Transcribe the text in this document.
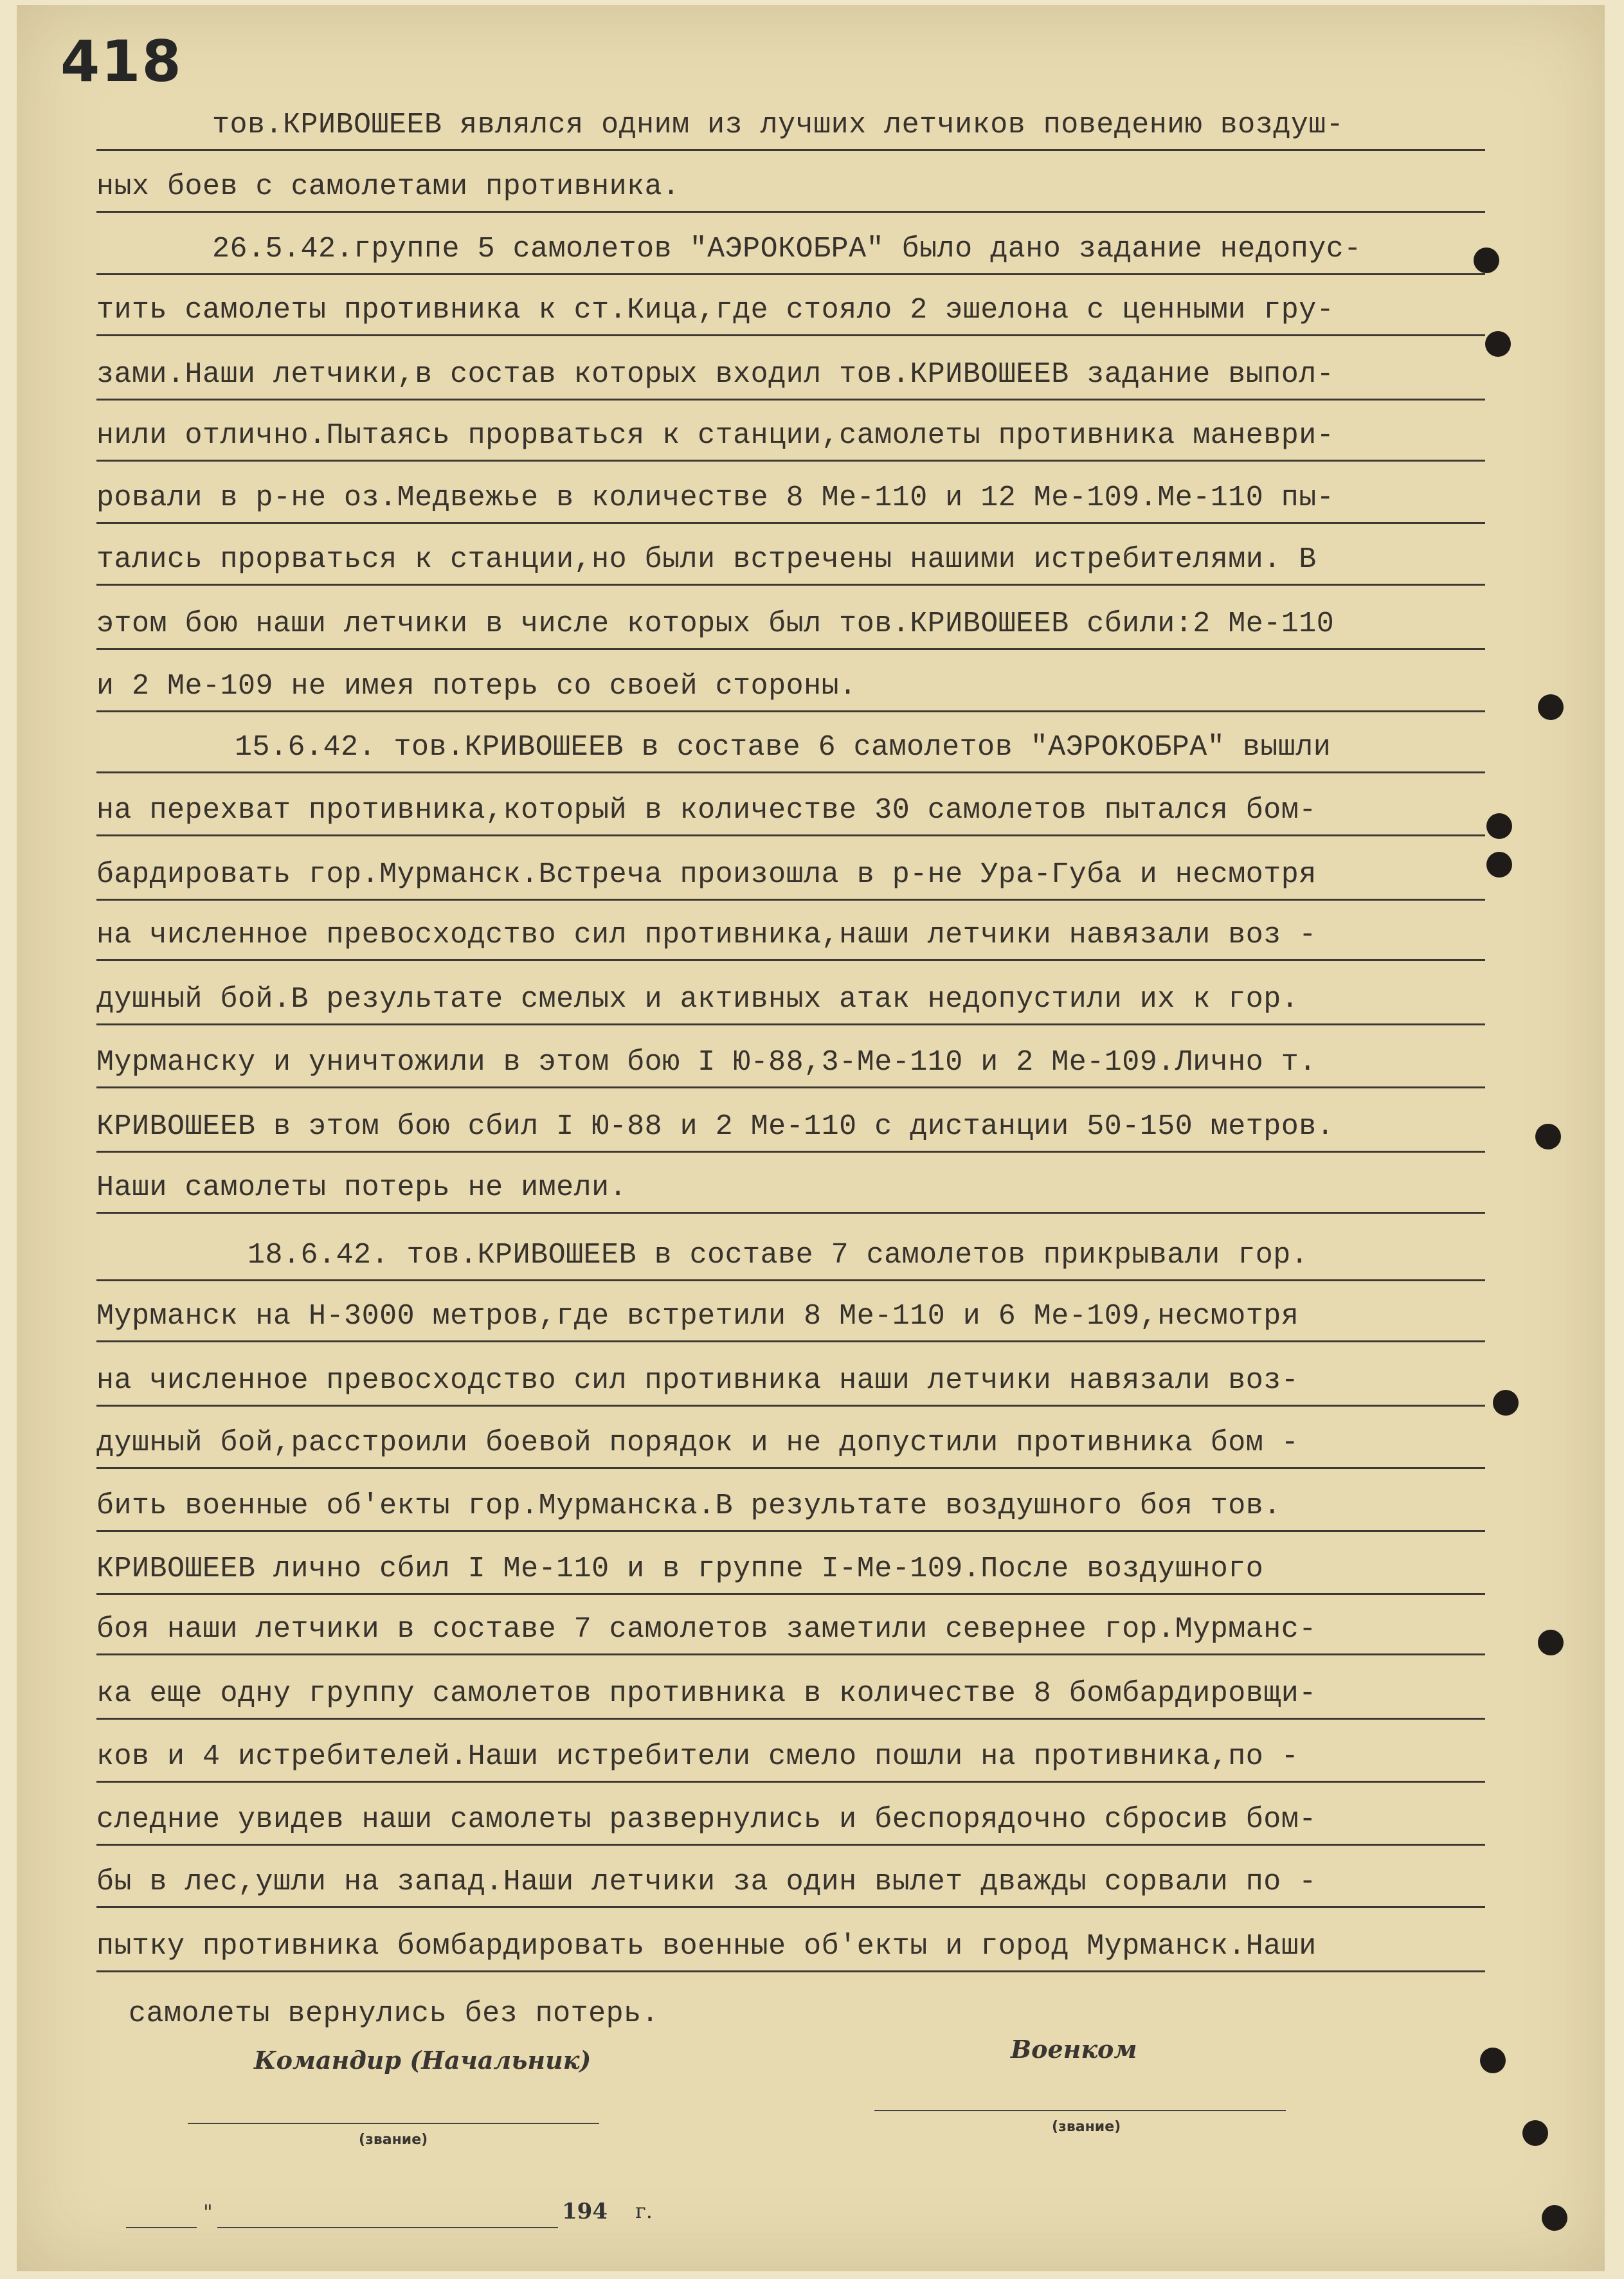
418
тов.КРИВОШЕЕВ являлся одним из лучших летчиков поведению воздуш-
ных боев с самолетами противника.
26.5.42.группе 5 самолетов "АЭРОКОБРА" было дано задание недопус-
тить самолеты противника к ст.Кица,где стояло 2 эшелона с ценными гру-
зами.Наши летчики,в состав которых входил тов.КРИВОШЕЕВ задание выпол-
нили отлично.Пытаясь прорваться к станции,самолеты противника маневри-
ровали в р-не оз.Медвежье в количестве 8 Ме-110 и 12 Ме-109.Ме-110 пы-
тались прорваться к станции,но были встречены нашими истребителями. В
этом бою наши летчики в числе которых был тов.КРИВОШЕЕВ сбили:2 Ме-110
и 2 Ме-109 не имея потерь со своей стороны.
15.6.42. тов.КРИВОШЕЕВ в составе 6 самолетов "АЭРОКОБРА" вышли
на перехват противника,который в количестве 30 самолетов пытался бом-
бардировать гор.Мурманск.Встреча произошла в р-не Ура-Губа и несмотря
на численное превосходство сил противника,наши летчики навязали воз -
душный бой.В результате смелых и активных атак недопустили их к гор.
Мурманску и уничтожили в этом бою I Ю-88,3-Ме-110 и 2 Ме-109.Лично т.
КРИВОШЕЕВ в этом бою сбил I Ю-88 и 2 Ме-110 с дистанции 50-150 метров.
Наши самолеты потерь не имели.
18.6.42. тов.КРИВОШЕЕВ в составе 7 самолетов прикрывали гор.
Мурманск на Н-3000 метров,где встретили 8 Ме-110 и 6 Ме-109,несмотря
на численное превосходство сил противника наши летчики навязали воз-
душный бой,расстроили боевой порядок и не допустили противника бом -
бить военные об'екты гор.Мурманска.В результате воздушного боя тов.
КРИВОШЕЕВ лично сбил I Ме-110 и в группе I-Ме-109.После воздушного
боя наши летчики в составе 7 самолетов заметили севернее гор.Мурманс-
ка еще одну группу самолетов противника в количестве 8 бомбардировщи-
ков и 4 истребителей.Наши истребители смело пошли на противника,по -
следние увидев наши самолеты развернулись и беспорядочно сбросив бом-
бы в лес,ушли на запад.Наши летчики за один вылет дважды сорвали по -
пытку противника бомбардировать военные об'екты и город Мурманск.Наши
самолеты вернулись без потерь.
Командир (Начальник)	Военком
(звание)
(звание)
"	194 г.
